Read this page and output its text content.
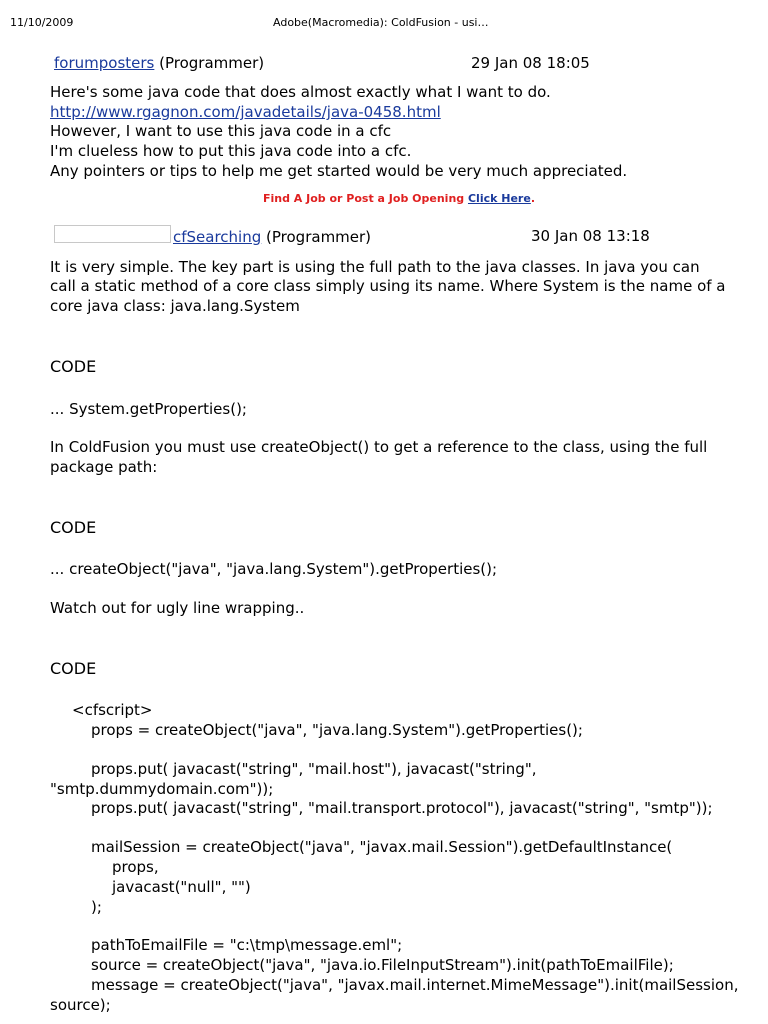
11/10/2009	Adobe(Macromedia): ColdFusion - usi…
forumposters (Programmer)	29 Jan 08 18:05
Here's some java code that does almost exactly what I want to do.
http://www.rgagnon.com/javadetails/java-0458.html
However, I want to use this java code in a cfc
I'm clueless how to put this java code into a cfc.
Any pointers or tips to help me get started would be very much appreciated.
Find A Job or Post a Job Opening Click Here.
cfSearching (Programmer)	30 Jan 08 13:18
It is very simple. The key part is using the full path to the java classes. In java you can
call a static method of a core class simply using its name. Where System is the name of a
core java class: java.lang.System
CODE
... System.getProperties();
In ColdFusion you must use createObject() to get a reference to the class, using the full
package path:
CODE
... createObject("java", "java.lang.System").getProperties();
Watch out for ugly line wrapping..
CODE
<cfscript>
props = createObject("java", "java.lang.System").getProperties();
props.put( javacast("string", "mail.host"), javacast("string",
"smtp.dummydomain.com"));
props.put( javacast("string", "mail.transport.protocol"), javacast("string", "smtp"));
mailSession = createObject("java", "javax.mail.Session").getDefaultInstance(
props,
javacast("null", "")
);
pathToEmailFile = "c:\tmp\message.eml";
source = createObject("java", "java.io.FileInputStream").init(pathToEmailFile);
message = createObject("java", "javax.mail.internet.MimeMessage").init(mailSession,
source);
